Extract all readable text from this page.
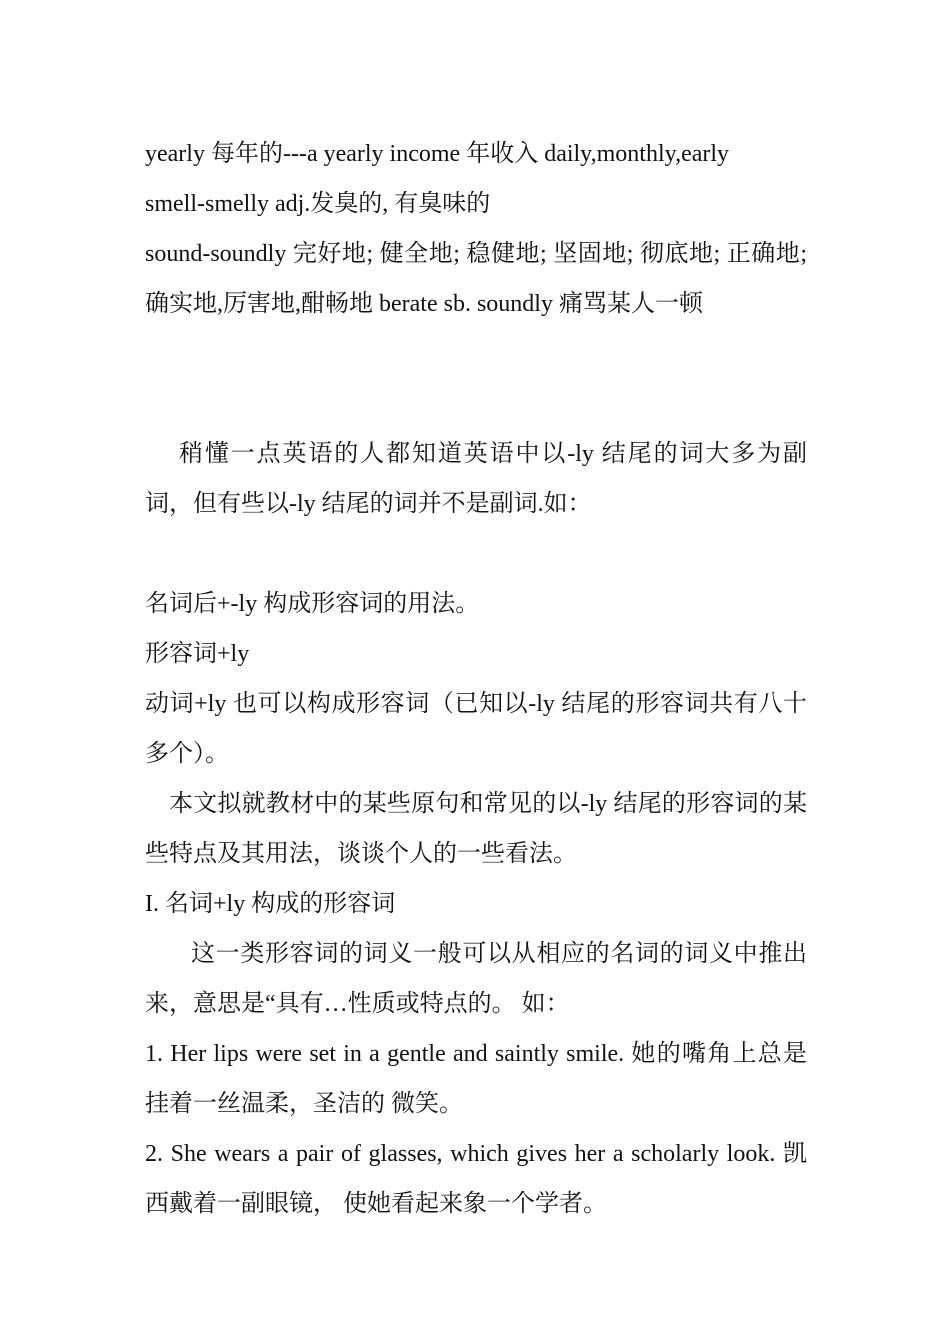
yearly 每年的---a yearly income 年收入 daily,monthly,early

smell-smelly adj.发臭的, 有臭味的

sound-soundly 完好地; 健全地; 稳健地; 坚固地; 彻底地; 正确地; 确实地,厉害地,酣畅地 berate sb. soundly 痛骂某人一顿

稍懂一点英语的人都知道英语中以-ly 结尾的词大多为副词，但有些以-ly 结尾的词并不是副词.如：

名词后+-ly 构成形容词的用法。

形容词+ly

动词+ly 也可以构成形容词（已知以-ly 结尾的形容词共有八十多个）。

本文拟就教材中的某些原句和常见的以-ly 结尾的形容词的某些特点及其用法，谈谈个人的一些看法。

I. 名词+ly 构成的形容词

这一类形容词的词义一般可以从相应的名词的词义中推出来，意思是“具有…性质或特点的。 如：

1. Her lips were set in a gentle and saintly smile. 她的嘴角上总是挂着一丝温柔，圣洁的 微笑。

2. She wears a pair of glasses, which gives her a scholarly look. 凯西戴着一副眼镜， 使她看起来象一个学者。
